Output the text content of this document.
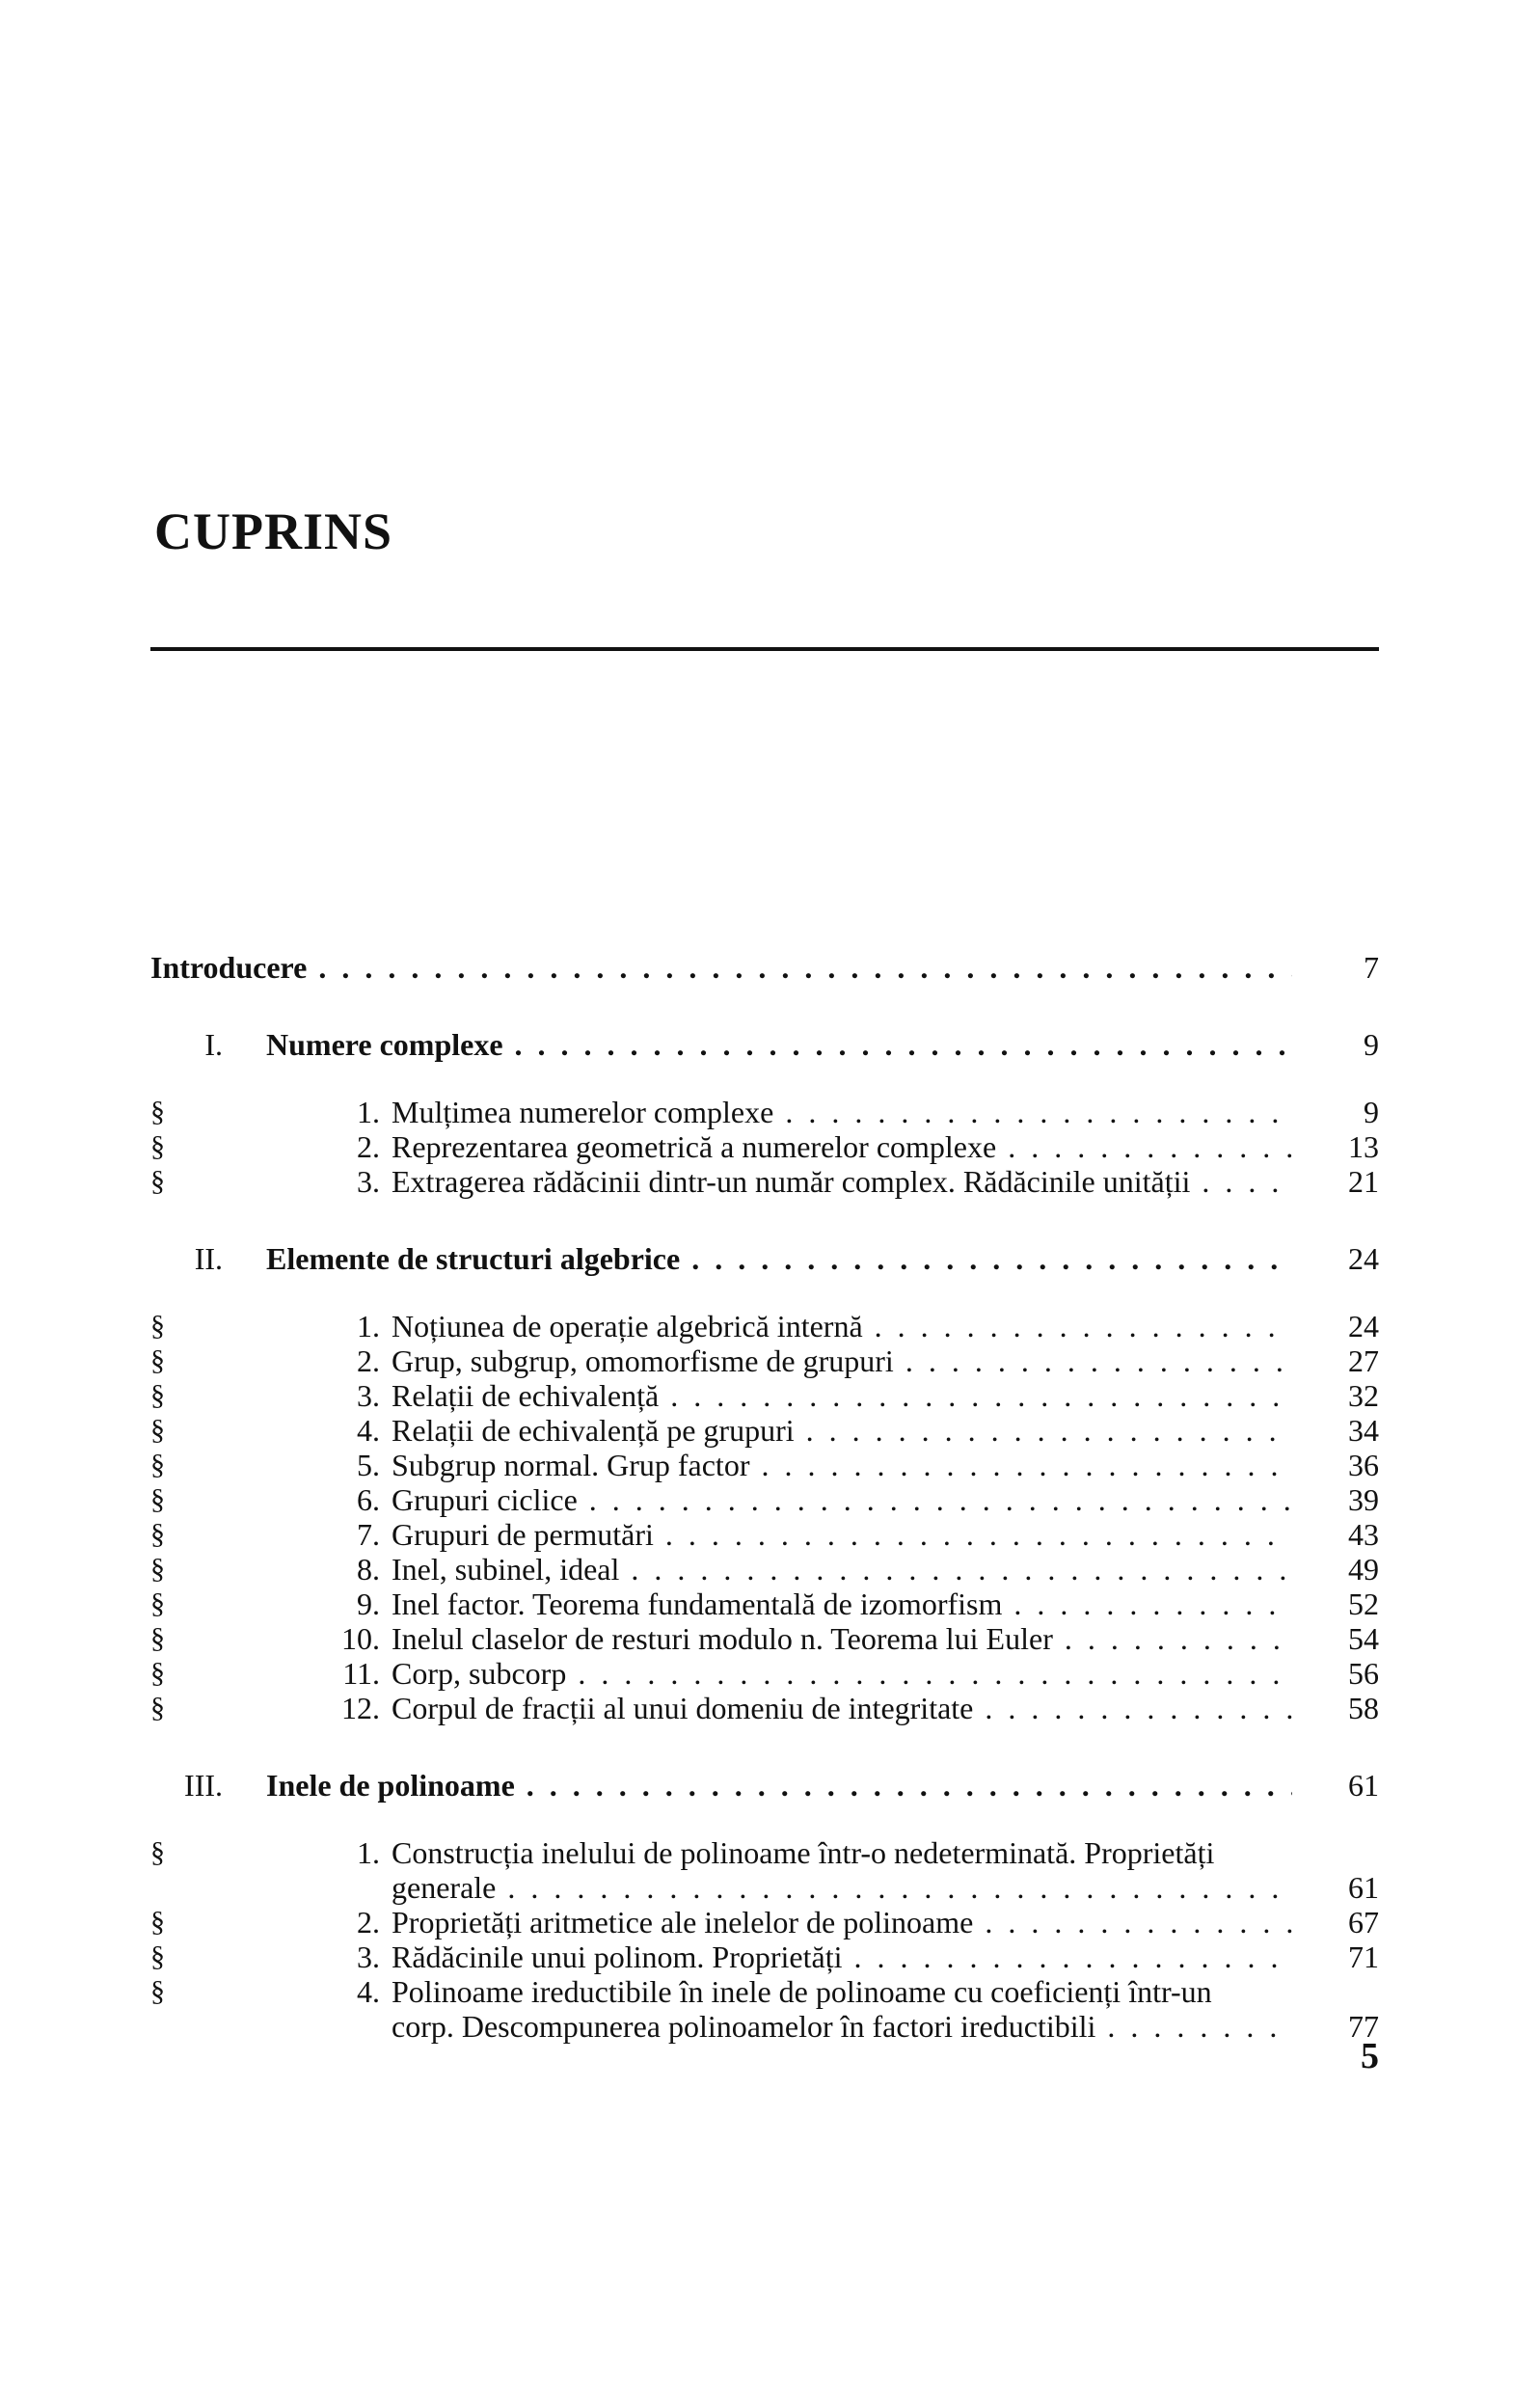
CUPRINS
Introducere . . .	7
I. Numere complexe . . .	9
§	1. Mulțimea numerelor complexe . . .	9
§	2. Reprezentarea geometrică a numerelor complexe . . .	13
§	3. Extragerea rădăcinii dintr-un număr complex. Rădăcinile unității . . .	21
II. Elemente de structuri algebrice . . .	24
§	1. Noțiunea de operație algebrică internă . . .	24
§	2. Grup, subgrup, omomorfisme de grupuri . . .	27
§	3. Relații de echivalență . . .	32
§	4. Relații de echivalență pe grupuri . . .	34
§	5. Subgrup normal. Grup factor . . .	36
§	6. Grupuri ciclice . . .	39
§	7. Grupuri de permutări . . .	43
§	8. Inel, subinel, ideal . . .	49
§	9. Inel factor. Teorema fundamentală de izomorfism . . .	52
§	10. Inelul claselor de resturi modulo n. Teorema lui Euler . . .	54
§	11. Corp, subcorp . . .	56
§	12. Corpul de fracții al unui domeniu de integritate . . .	58
III. Inele de polinoame . . .	61
§	1. Construcția inelului de polinoame într-o nedeterminată. Proprietăți
generale . . .	61
§	2. Proprietăți aritmetice ale inelelor de polinoame . . .	67
§	3. Rădăcinile unui polinom. Proprietăți . . .	71
§	4. Polinoame ireductibile în inele de polinoame cu coeficienți într-un
corp. Descompunerea polinoamelor în factori ireductibili . . .	77
5
